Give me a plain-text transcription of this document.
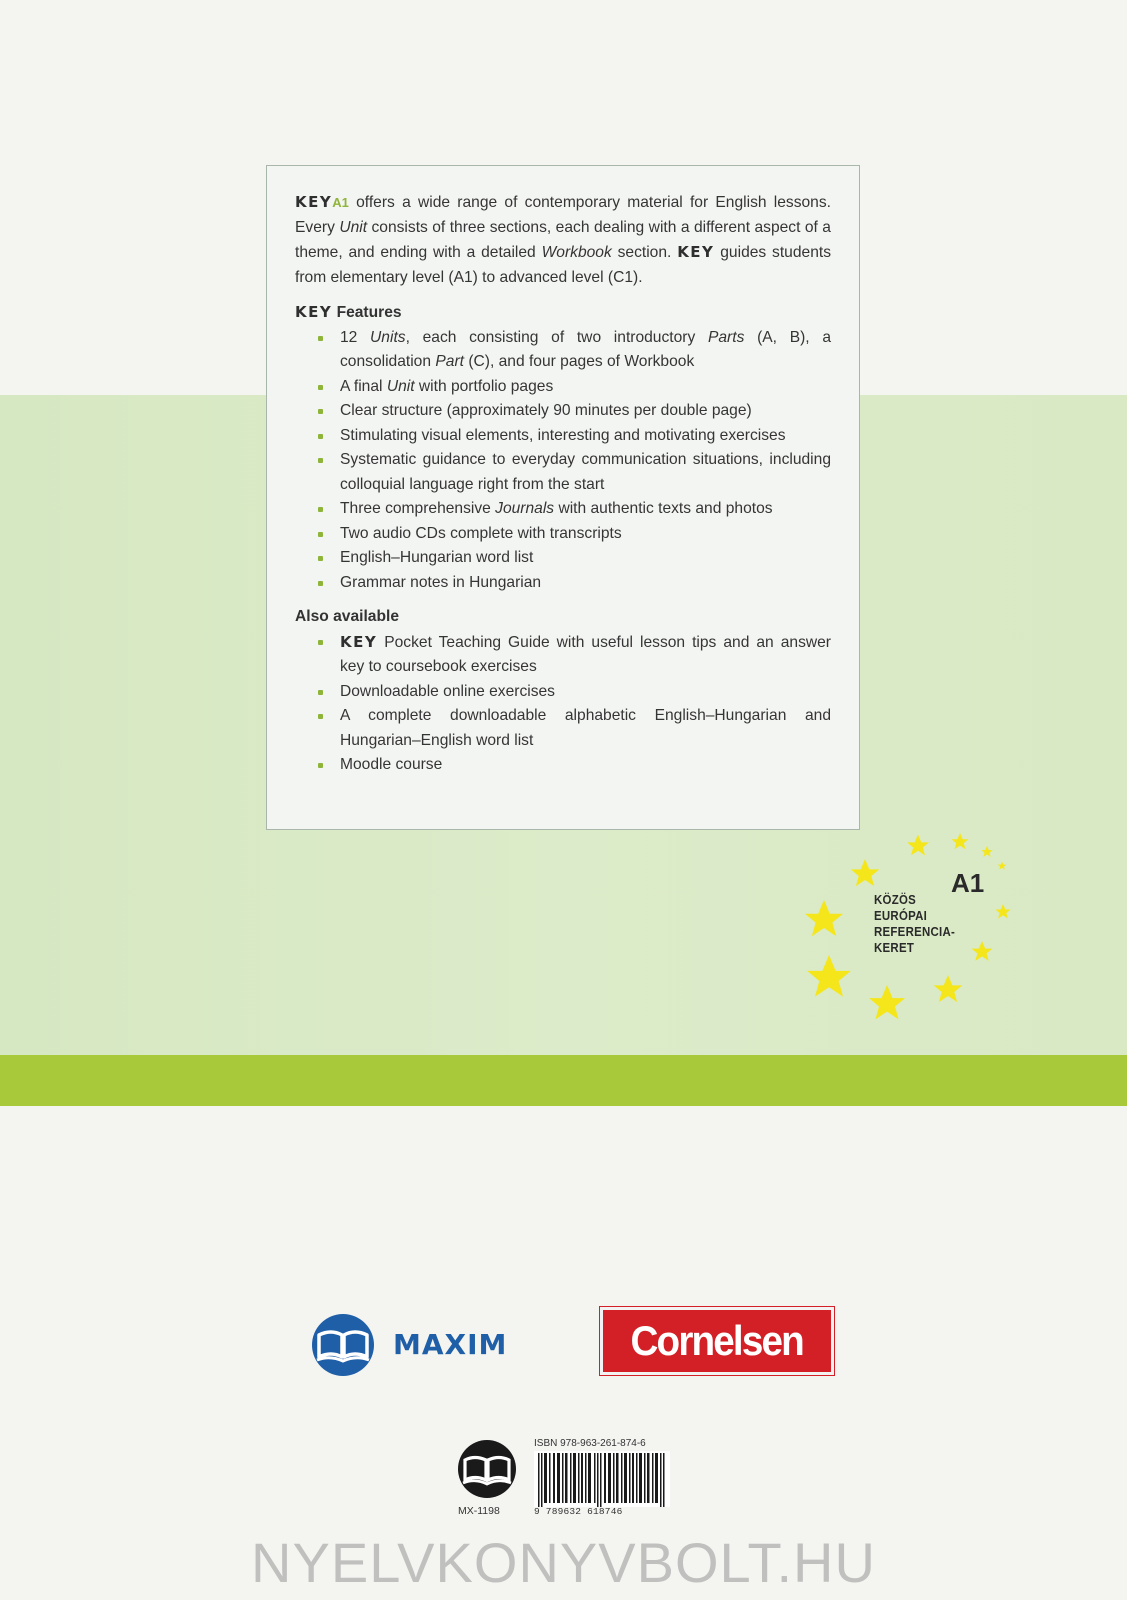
KEYA1 offers a wide range of contemporary material for English lessons. Every Unit consists of three sections, each dealing with a different aspect of a theme, and ending with a detailed Workbook section. KEY guides students from elementary level (A1) to advanced level (C1).

KEY Features
12 Units, each consisting of two introductory Parts (A, B), a consolidation Part (C), and four pages of Workbook
A final Unit with portfolio pages
Clear structure (approximately 90 minutes per double page)
Stimulating visual elements, interesting and motivating exercises
Systematic guidance to everyday communication situations, including colloquial language right from the start
Three comprehensive Journals with authentic texts and photos
Two audio CDs complete with transcripts
English–Hungarian word list
Grammar notes in Hungarian
Also available
KEY Pocket Teaching Guide with useful lesson tips and an answer key to coursebook exercises
Downloadable online exercises
A complete downloadable alphabetic English–Hungarian and Hungarian–English word list
Moodle course
A1
KÖZÖS
EURÓPAI
REFERENCIA-
KERET
MAXIM	Cornelsen
MX-1198
ISBN 978-963-261-874-6
9 789632 618746
NYELVKONYVBOLT.HU
